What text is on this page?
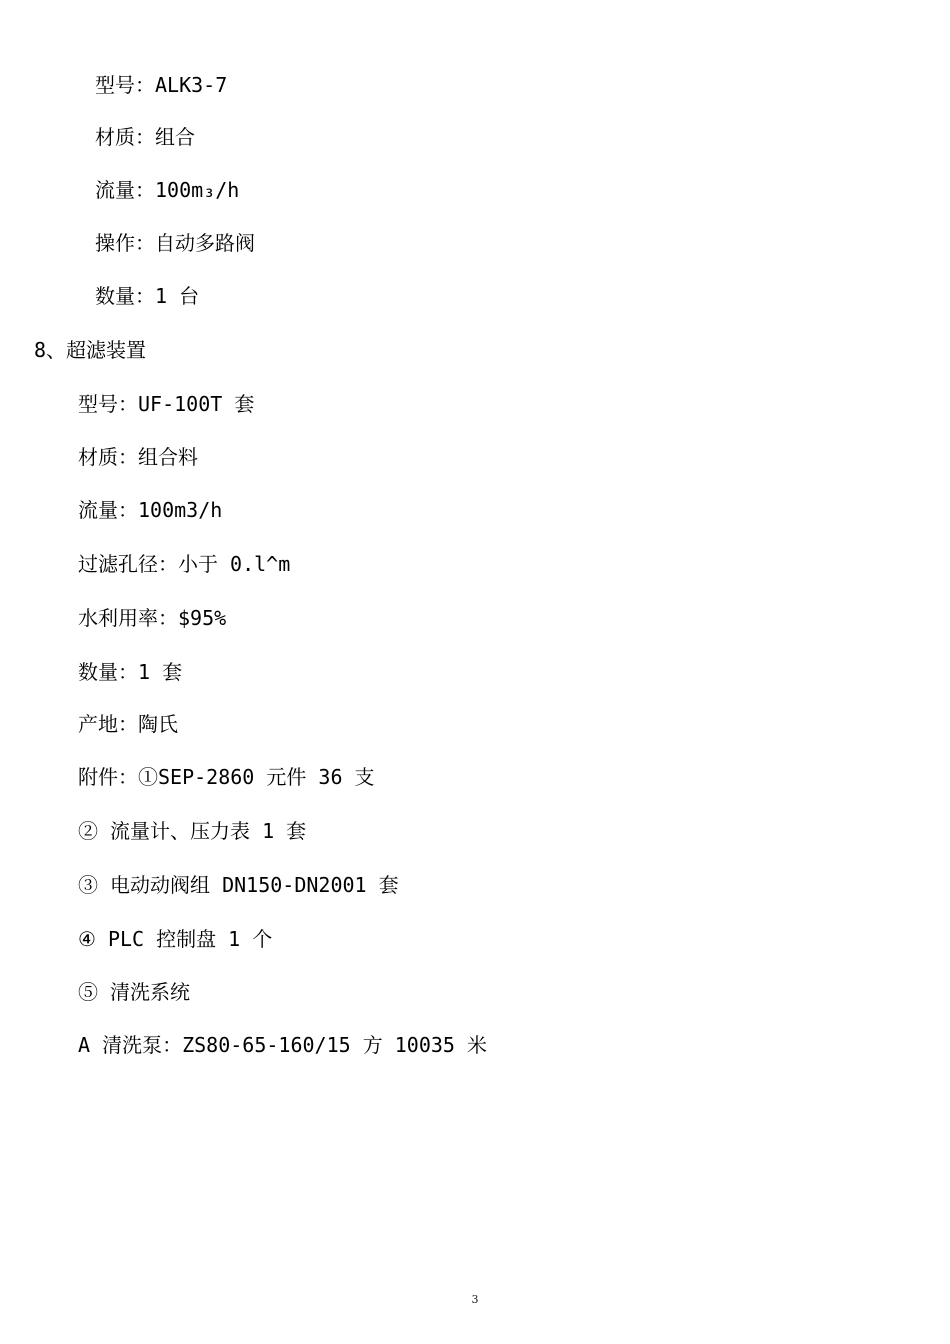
型号：ALK3-7
材质：组合
流量：100m₃/h
操作：自动多路阀
数量：1 台
8、超滤装置
型号：UF-100T 套
材质：组合料
流量：100m3/h
过滤孔径：小于 0.l^m
水利用率：$95%
数量：1 套
产地：陶氏
附件：①SEP-2860 元件 36 支
② 流量计、压力表 1 套
③ 电动动阀组 DN150-DN2001 套
④ PLC 控制盘 1 个
⑤ 清洗系统
A 清洗泵：ZS80-65-160/15 方 10035 米
3
